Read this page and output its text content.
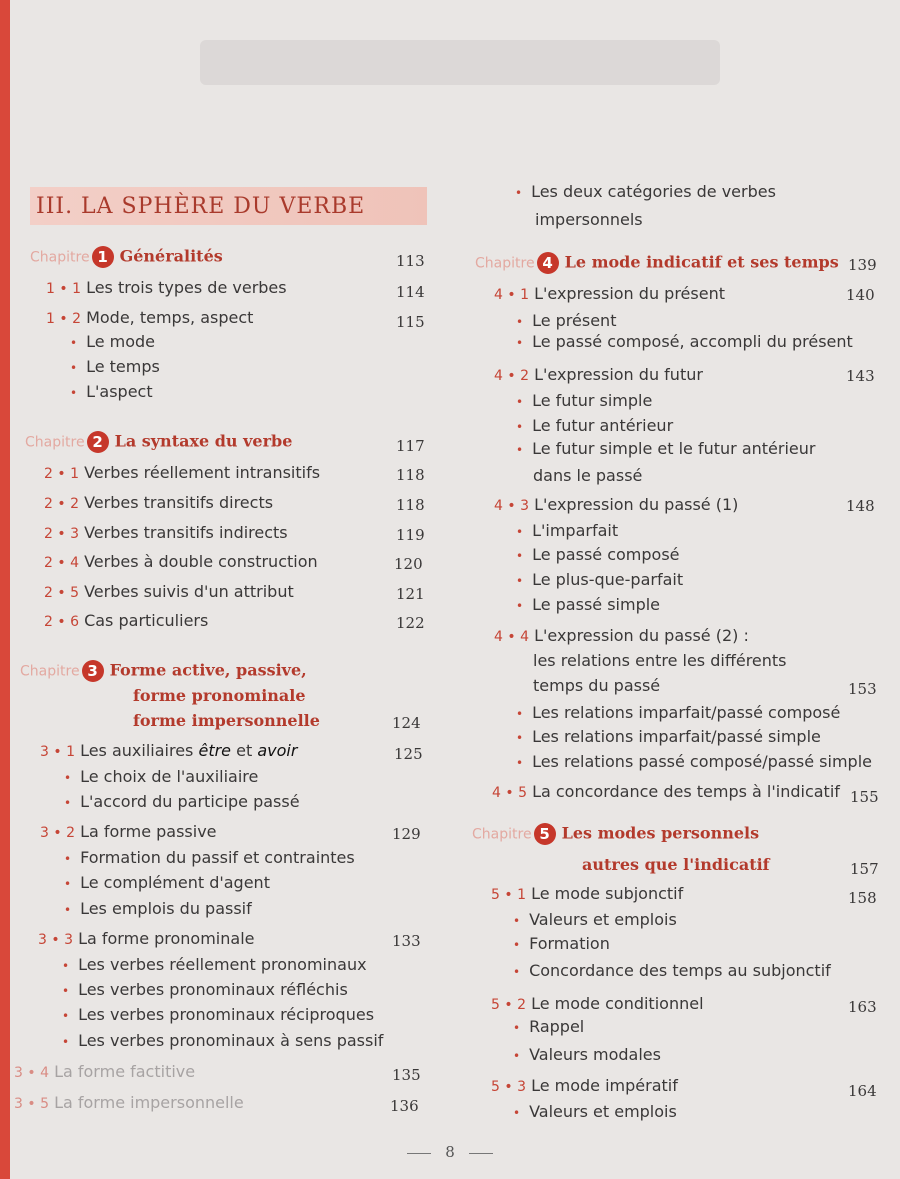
III. LA SPHÈRE DU VERBE
Chapitre 1 Généralités	113
1 • 1 Les trois types de verbes	114
1 • 2 Mode, temps, aspect	115
• Le mode
• Le temps
• L'aspect
Chapitre 2 La syntaxe du verbe	117
2 • 1 Verbes réellement intransitifs	118
2 • 2 Verbes transitifs directs	118
2 • 3 Verbes transitifs indirects	119
2 • 4 Verbes à double construction	120
2 • 5 Verbes suivis d'un attribut	121
2 • 6 Cas particuliers	122
Chapitre 3 Forme active, passive,
forme pronominale
forme impersonnelle	124
3 • 1 Les auxiliaires être et avoir	125
• Le choix de l'auxiliaire
• L'accord du participe passé
3 • 2 La forme passive	129
• Formation du passif et contraintes
• Le complément d'agent
• Les emplois du passif
3 • 3 La forme pronominale	133
• Les verbes réellement pronominaux
• Les verbes pronominaux réfléchis
• Les verbes pronominaux réciproques
• Les verbes pronominaux à sens passif
3 • 4 La forme factitive	135
3 • 5 La forme impersonnelle	136
• Les deux catégories de verbes
impersonnels
Chapitre 4 Le mode indicatif et ses temps 139
4 • 1 L'expression du présent	140
• Le présent
• Le passé composé, accompli du présent
4 • 2 L'expression du futur	143
• Le futur simple
• Le futur antérieur
• Le futur simple et le futur antérieur
dans le passé
4 • 3 L'expression du passé (1)	148
• L'imparfait
• Le passé composé
• Le plus-que-parfait
• Le passé simple
4 • 4 L'expression du passé (2) :
les relations entre les différents
temps du passé	153
• Les relations imparfait/passé composé
• Les relations imparfait/passé simple
• Les relations passé composé/passé simple
4 • 5 La concordance des temps à l'indicatif 155
Chapitre 5 Les modes personnels
autres que l'indicatif	157
5 • 1 Le mode subjonctif	158
• Valeurs et emplois
• Formation
• Concordance des temps au subjonctif
5 • 2 Le mode conditionnel	163
• Rappel
• Valeurs modales
5 • 3 Le mode impératif	164
• Valeurs et emplois
8
